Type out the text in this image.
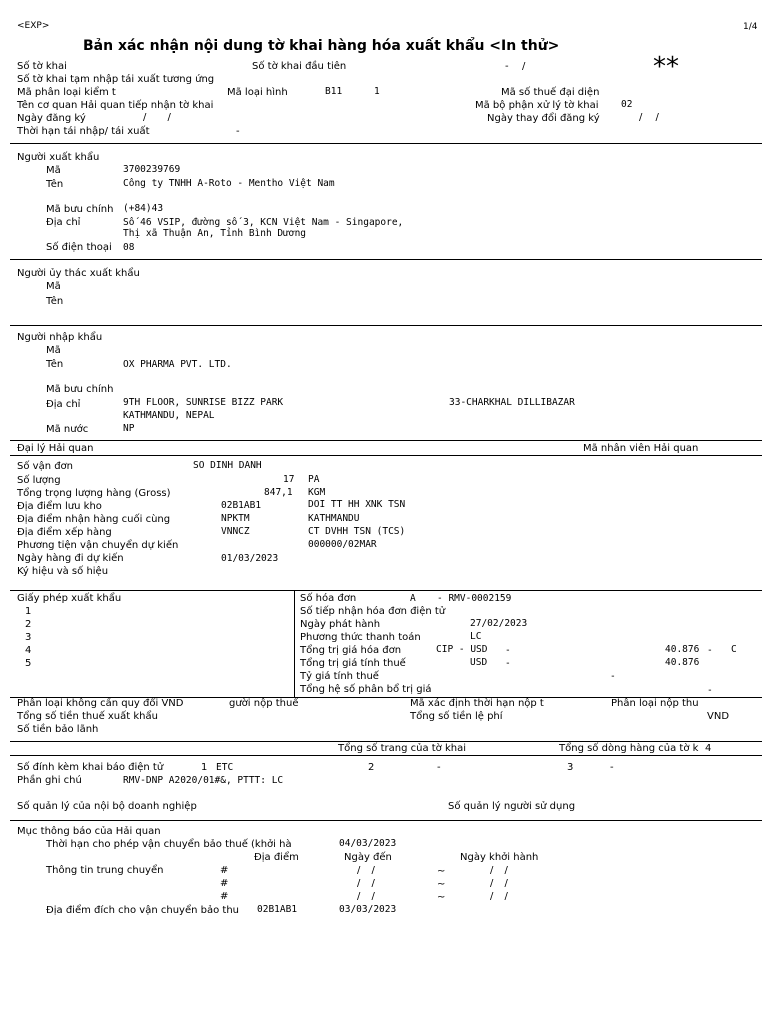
<EXP>	1/4
Bản xác nhận nội dung tờ khai hàng hóa xuất khẩu <In thử>
**
Số tờ khai	Số tờ khai đầu tiên	- /
Số tờ khai tạm nhập tái xuất tương ứng
Mã phân loại kiểm t	Mã loại hình	B11	1	Mã số thuế đại diện
Tên cơ quan Hải quan tiếp nhận tờ khai	Mã bộ phận xử lý tờ khai 02
Ngày đăng ký	/ /	Ngày thay đổi đăng ký	/ /
Thời hạn tái nhập/ tái xuất	-
Người xuất khẩu
Mã	3700239769
Tên	Công ty TNHH A-Roto - Mentho Việt Nam
Mã bưu chính (+84)43
Địa chỉ	Số 46 VSIP, đường số 3, KCN Việt Nam - Singapore,
Thị xã Thuận An, Tỉnh Bình Dương
Số điện thoại 08
Người ủy thác xuất khẩu
Mã
Tên
Người nhập khẩu
Mã
Tên	OX PHARMA PVT. LTD.
Mã bưu chính
Địa chỉ	9TH FLOOR, SUNRISE BIZZ PARK	33-CHARKHAL DILLIBAZAR
KATHMANDU, NEPAL
Mã nước	NP
Đại lý Hải quan	Mã nhân viên Hải quan
Số vận đơn	SO DINH DANH
Số lượng	17 PA
Tổng trọng lượng hàng (Gross)	847,1 KGM
Địa điểm lưu kho	02B1AB1	DOI TT HH XNK TSN
Địa điểm nhận hàng cuối cùng	NPKTM	KATHMANDU
Địa điểm xếp hàng	VNNCZ	CT DVHH TSN (TCS)
Phương tiện vận chuyển dự kiến	000000/02MAR
Ngày hàng đi dự kiến	01/03/2023
Ký hiệu và số hiệu
Giấy phép xuất khẩu
1
2
3
4
5
Số hóa đơn	A - RMV-0002159
Số tiếp nhận hóa đơn điện tử
Ngày phát hành	27/02/2023
Phương thức thanh toán	LC
Tổng trị giá hóa đơn	CIP - USD -	40.876 - C
Tổng trị giá tính thuế	USD -	40.876
Tỷ giá tính thuế	-
Tổng hệ số phân bổ trị giá	-
Phân loại không cần quy đổi VND	gười nộp thuế	Mã xác định thời hạn nộp t	Phân loại nộp thu
Tổng số tiền thuế xuất khẩu	Tổng số tiền lệ phí	VND
Số tiền bảo lãnh
Tổng số trang của tờ khai	Tổng số dòng hàng của tờ k 4
Số đính kèm khai báo điện tử	1 ETC	2	-	3	-
Phần ghi chú	RMV-DNP A2020/01#&, PTTT: LC
Số quản lý của nội bộ doanh nghiệp	Số quản lý người sử dụng
Mục thông báo của Hải quan
Thời hạn cho phép vận chuyển bảo thuế (khởi hà	04/03/2023
Địa điểm	Ngày đến	Ngày khởi hành
Thông tin trung chuyển	#	/ /	~	/ /
#	/ /	~	/ /
#	/ /	~	/ /
Địa điểm đích cho vận chuyển bảo thu 02B1AB1	03/03/2023
